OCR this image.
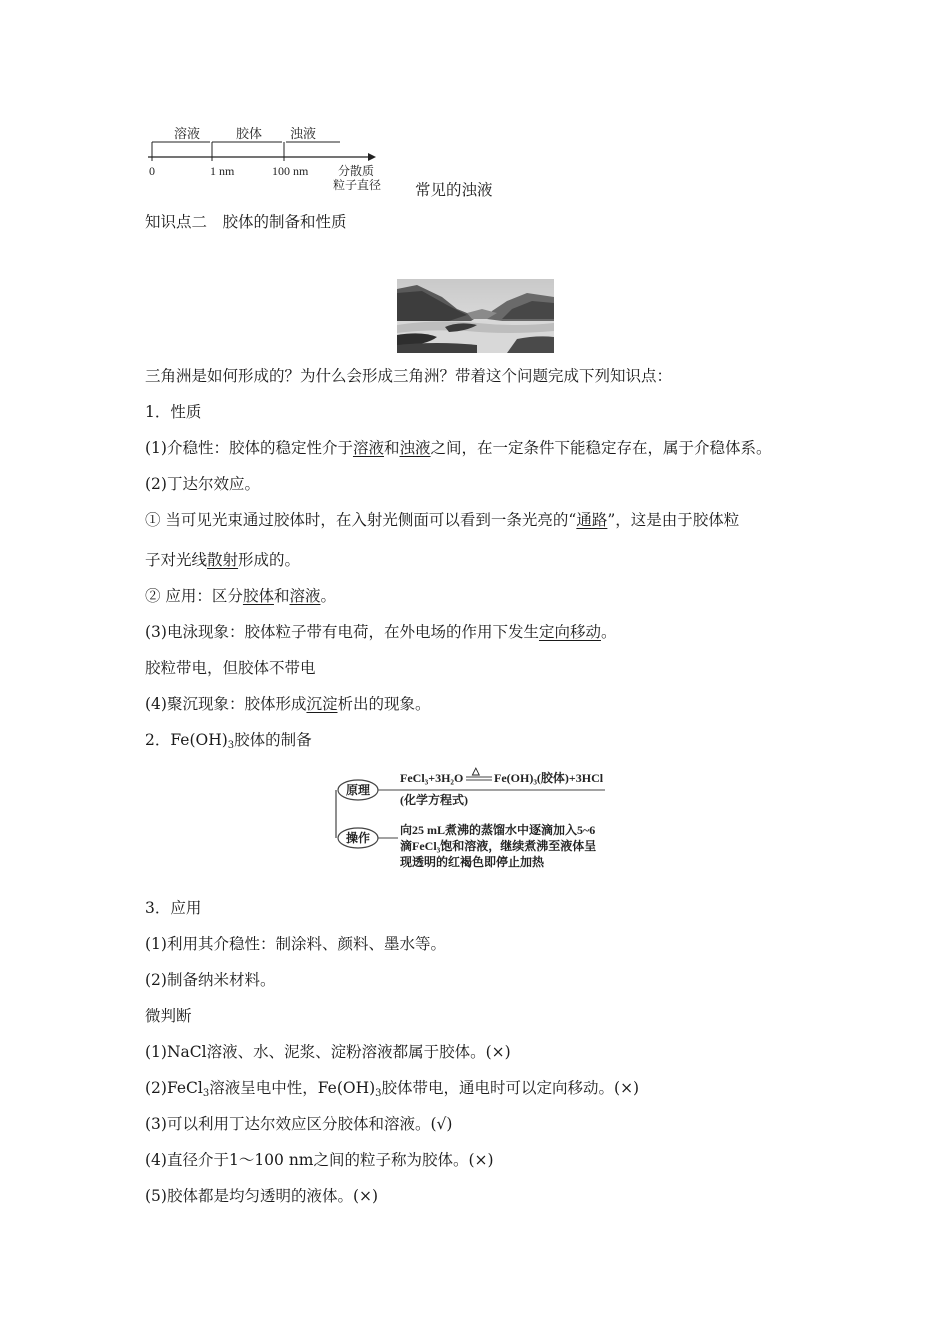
溶液	胶体 浊液
0	1 nm	100 nm 分散质
粒子直径 常见的浊液
知识点二　胶体的制备和性质
三角洲是如何形成的？为什么会形成三角洲？带着这个问题完成下列知识点：
1．性质
(1)介稳性：胶体的稳定性介于溶液和浊液之间，在一定条件下能稳定存在，属于介稳体系。
(2)丁达尔效应。
① 当可见光束通过胶体时，在入射光侧面可以看到一条光亮的“通路”，这是由于胶体粒
子对光线散射形成的。
② 应用：区分胶体和溶液。
(3)电泳现象：胶体粒子带有电荷，在外电场的作用下发生定向移动。
胶粒带电，但胶体不带电
(4)聚沉现象：胶体形成沉淀析出的现象。
2．$Fe(OH)_3$胶体的制备
原理
操作
FeCl₃+3H₂O △ Fe(OH)₃(胶体)+3HCl
(化学方程式)
向25 mL煮沸的蒸馏水中逐滴加入5~6
滴FeCl₃饱和溶液，继续煮沸至液体呈
现透明的红褐色即停止加热
3．应用
(1)利用其介稳性：制涂料、颜料、墨水等。
(2)制备纳米材料。
微判断
(1)NaCl溶液、水、泥浆、淀粉溶液都属于胶体。(×)
(2)FeCl$_3$溶液呈电中性，$Fe(OH)_3$胶体带电，通电时可以定向移动。(×)
(3)可以利用丁达尔效应区分胶体和溶液。(√)
(4)直径介于1～100 nm之间的粒子称为胶体。(×)
(5)胶体都是均匀透明的液体。(×)
